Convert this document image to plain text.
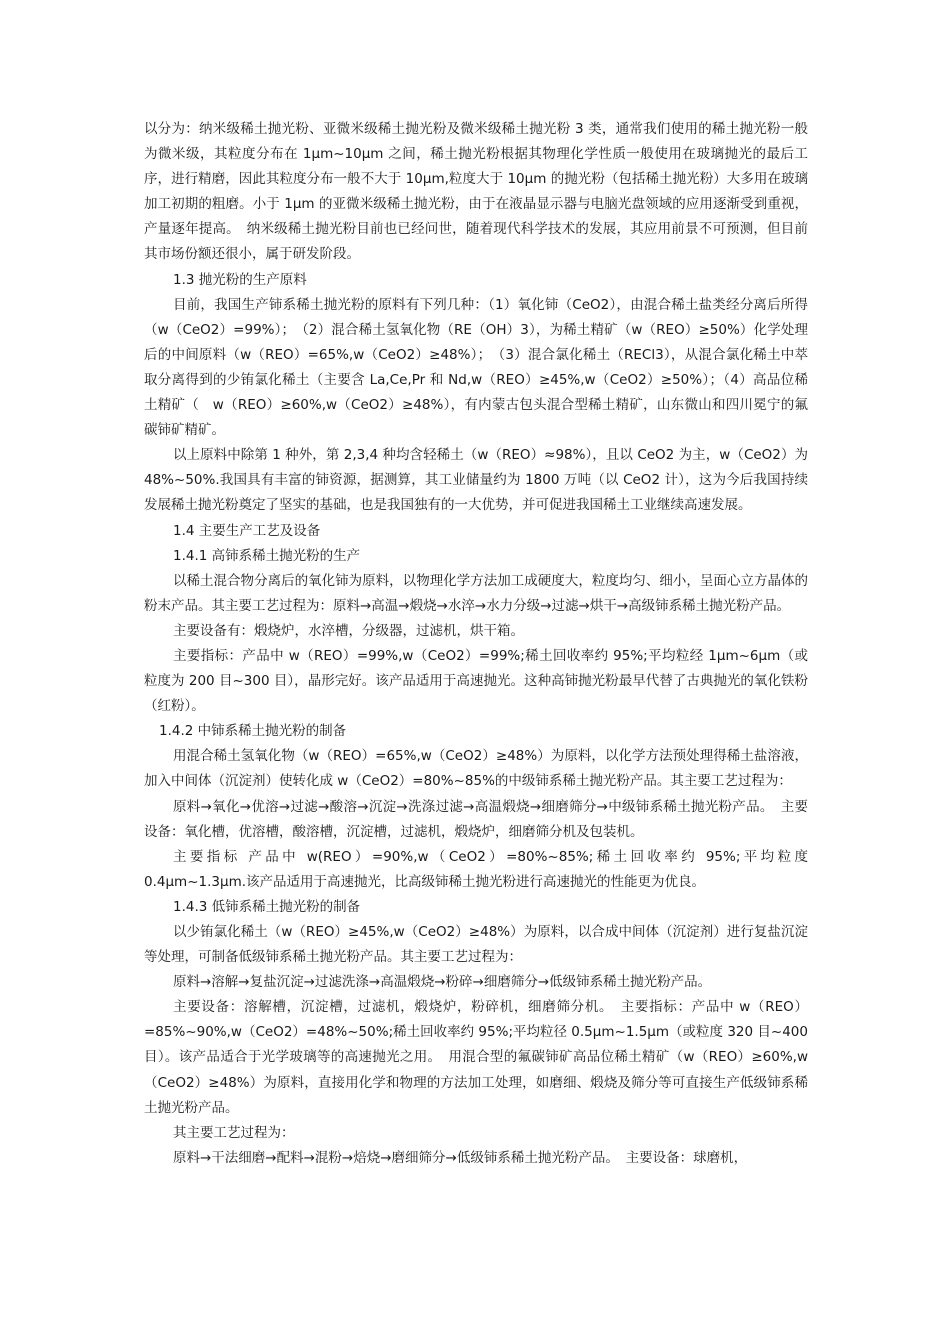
以分为：纳米级稀土抛光粉、亚微米级稀土抛光粉及微米级稀土抛光粉 3 类，通常我们使用的稀土抛光粉一般为微米级，其粒度分布在 1μm~10μm 之间，稀土抛光粉根据其物理化学性质一般使用在玻璃抛光的最后工序，进行精磨，因此其粒度分布一般不大于 10μm,粒度大于 10μm 的抛光粉（包括稀土抛光粉）大多用在玻璃加工初期的粗磨。小于 1μm 的亚微米级稀土抛光粉，由于在液晶显示器与电脑光盘领域的应用逐渐受到重视，产量逐年提高。　纳米级稀土抛光粉目前也已经问世，随着现代科学技术的发展，其应用前景不可预测，但目前其市场份额还很小，属于研发阶段。

1.3 抛光粉的生产原料

目前，我国生产铈系稀土抛光粉的原料有下列几种：（1）氧化铈（CeO2），由混合稀土盐类经分离后所得（w（CeO2）=99%）；　（2）混合稀土氢氧化物（RE（OH）3），为稀土精矿（w（REO）≥50%）化学处理后的中间原料（w（REO）=65%,w（CeO2）≥48%）；　（3）混合氯化稀土（RECl3），从混合氯化稀土中萃取分离得到的少铕氯化稀土（主要含 La,Ce,Pr 和 Nd,w（REO）≥45%,w（CeO2）≥50%）；（4）高品位稀土精矿（　w（REO）≥60%,w（CeO2）≥48%），有内蒙古包头混合型稀土精矿，山东微山和四川冕宁的氟碳铈矿精矿。

以上原料中除第 1 种外，第 2,3,4 种均含轻稀土（w（REO）≈98%），且以 CeO2 为主，w（CeO2）为 48%~50%.我国具有丰富的铈资源，据测算，其工业储量约为 1800 万吨（以 CeO2 计），这为今后我国持续发展稀土抛光粉奠定了坚实的基础，也是我国独有的一大优势，并可促进我国稀土工业继续高速发展。

1.4 主要生产工艺及设备

1.4.1 高铈系稀土抛光粉的生产

以稀土混合物分离后的氧化铈为原料，以物理化学方法加工成硬度大，粒度均匀、细小，呈面心立方晶体的粉末产品。其主要工艺过程为：原料→高温→煅烧→水淬→水力分级→过滤→烘干→高级铈系稀土抛光粉产品。

主要设备有：煅烧炉，水淬槽，分级器，过滤机，烘干箱。

主要指标：产品中 w（REO）=99%,w（CeO2）=99%;稀土回收率约 95%;平均粒经 1μm~6μm（或粒度为 200 目~300 目），晶形完好。该产品适用于高速抛光。这种高铈抛光粉最早代替了古典抛光的氧化铁粉（红粉）。

1.4.2 中铈系稀土抛光粉的制备

用混合稀土氢氧化物（w（REO）=65%,w（CeO2）≥48%）为原料，以化学方法预处理得稀土盐溶液，加入中间体（沉淀剂）使转化成 w（CeO2）=80%~85%的中级铈系稀土抛光粉产品。其主要工艺过程为：

原料→氧化→优溶→过滤→酸溶→沉淀→洗涤过滤→高温煅烧→细磨筛分→中级铈系稀土抛光粉产品。　主要设备：氧化槽，优溶槽，酸溶槽，沉淀槽，过滤机，煅烧炉，细磨筛分机及包装机。

主要指标 产品中 w(REO）=90%,w（CeO2）=80%~85%;稀土回收率约 95%;平均粒度 0.4μm~1.3μm.该产品适用于高速抛光，比高级铈稀土抛光粉进行高速抛光的性能更为优良。

1.4.3 低铈系稀土抛光粉的制备

以少铕氯化稀土（w（REO）≥45%,w（CeO2）≥48%）为原料，以合成中间体（沉淀剂）进行复盐沉淀等处理，可制备低级铈系稀土抛光粉产品。其主要工艺过程为：

原料→溶解→复盐沉淀→过滤洗涤→高温煅烧→粉碎→细磨筛分→低级铈系稀土抛光粉产品。

主要设备：溶解槽，沉淀槽，过滤机，煅烧炉，粉碎机，细磨筛分机。　主要指标：产品中 w（REO）=85%~90%,w（CeO2）=48%~50%;稀土回收率约 95%;平均粒径 0.5μm~1.5μm（或粒度 320 目~400 目）。该产品适合于光学玻璃等的高速抛光之用。　用混合型的氟碳铈矿高品位稀土精矿（w（REO）≥60%,w（CeO2）≥48%）为原料，直接用化学和物理的方法加工处理，如磨细、煅烧及筛分等可直接生产低级铈系稀土抛光粉产品。

其主要工艺过程为：

原料→干法细磨→配料→混粉→焙烧→磨细筛分→低级铈系稀土抛光粉产品。　主要设备：球磨机，
